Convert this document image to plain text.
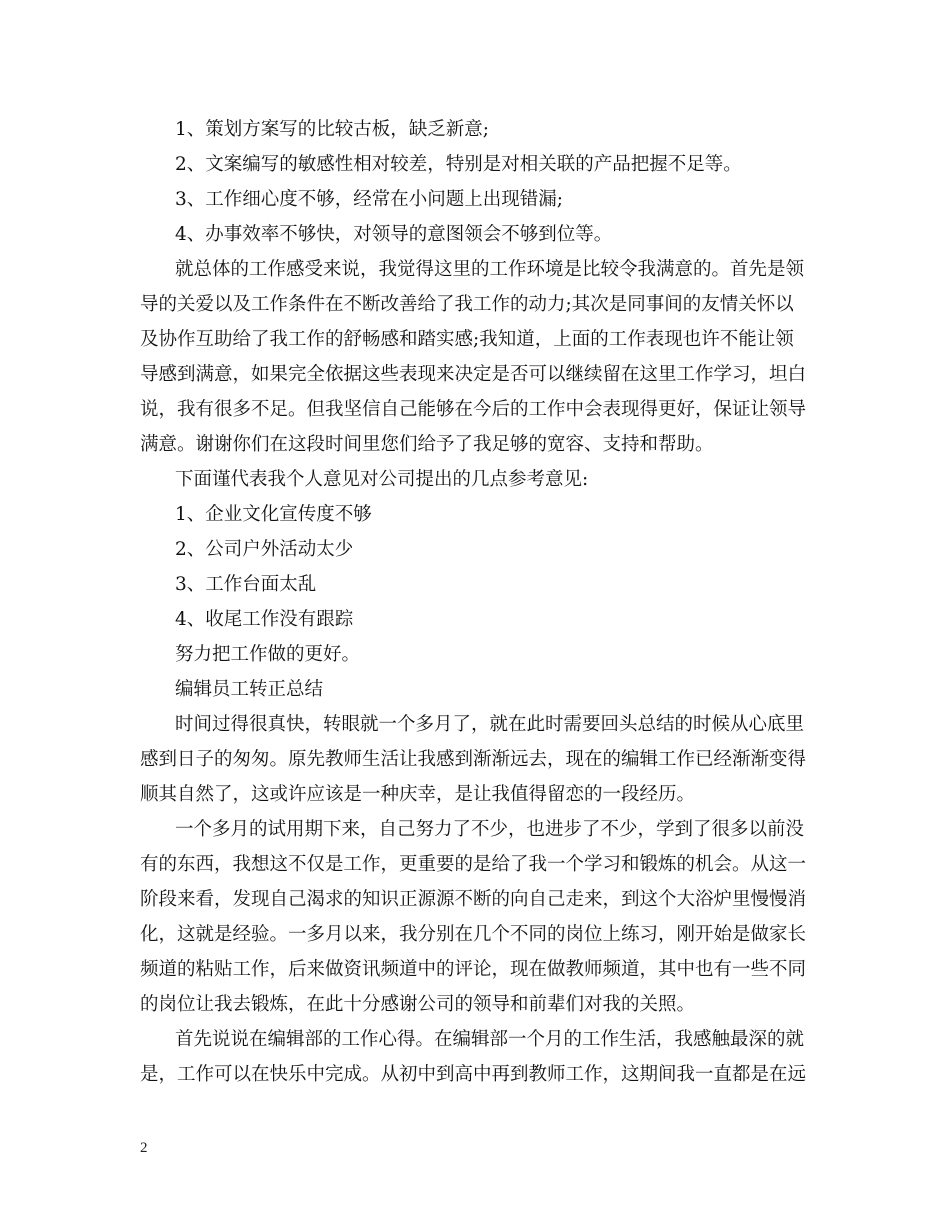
1、策划方案写的比较古板，缺乏新意;
2、文案编写的敏感性相对较差，特别是对相关联的产品把握不足等。
3、工作细心度不够，经常在小问题上出现错漏;
4、办事效率不够快，对领导的意图领会不够到位等。
就总体的工作感受来说，我觉得这里的工作环境是比较令我满意的。首先是领
导的关爱以及工作条件在不断改善给了我工作的动力;其次是同事间的友情关怀以
及协作互助给了我工作的舒畅感和踏实感;我知道，上面的工作表现也许不能让领
导感到满意，如果完全依据这些表现来决定是否可以继续留在这里工作学习，坦白
说，我有很多不足。但我坚信自己能够在今后的工作中会表现得更好，保证让领导
满意。谢谢你们在这段时间里您们给予了我足够的宽容、支持和帮助。
下面谨代表我个人意见对公司提出的几点参考意见:
1、企业文化宣传度不够
2、公司户外活动太少
3、工作台面太乱
4、收尾工作没有跟踪
努力把工作做的更好。
编辑员工转正总结
时间过得很真快，转眼就一个多月了，就在此时需要回头总结的时候从心底里
感到日子的匆匆。原先教师生活让我感到渐渐远去，现在的编辑工作已经渐渐变得
顺其自然了，这或许应该是一种庆幸，是让我值得留恋的一段经历。
一个多月的试用期下来，自己努力了不少，也进步了不少，学到了很多以前没
有的东西，我想这不仅是工作，更重要的是给了我一个学习和锻炼的机会。从这一
阶段来看，发现自己渴求的知识正源源不断的向自己走来，到这个大浴炉里慢慢消
化，这就是经验。一多月以来，我分别在几个不同的岗位上练习，刚开始是做家长
频道的粘贴工作，后来做资讯频道中的评论，现在做教师频道，其中也有一些不同
的岗位让我去锻炼，在此十分感谢公司的领导和前辈们对我的关照。
首先说说在编辑部的工作心得。在编辑部一个月的工作生活，我感触最深的就
是，工作可以在快乐中完成。从初中到高中再到教师工作，这期间我一直都是在远
2
